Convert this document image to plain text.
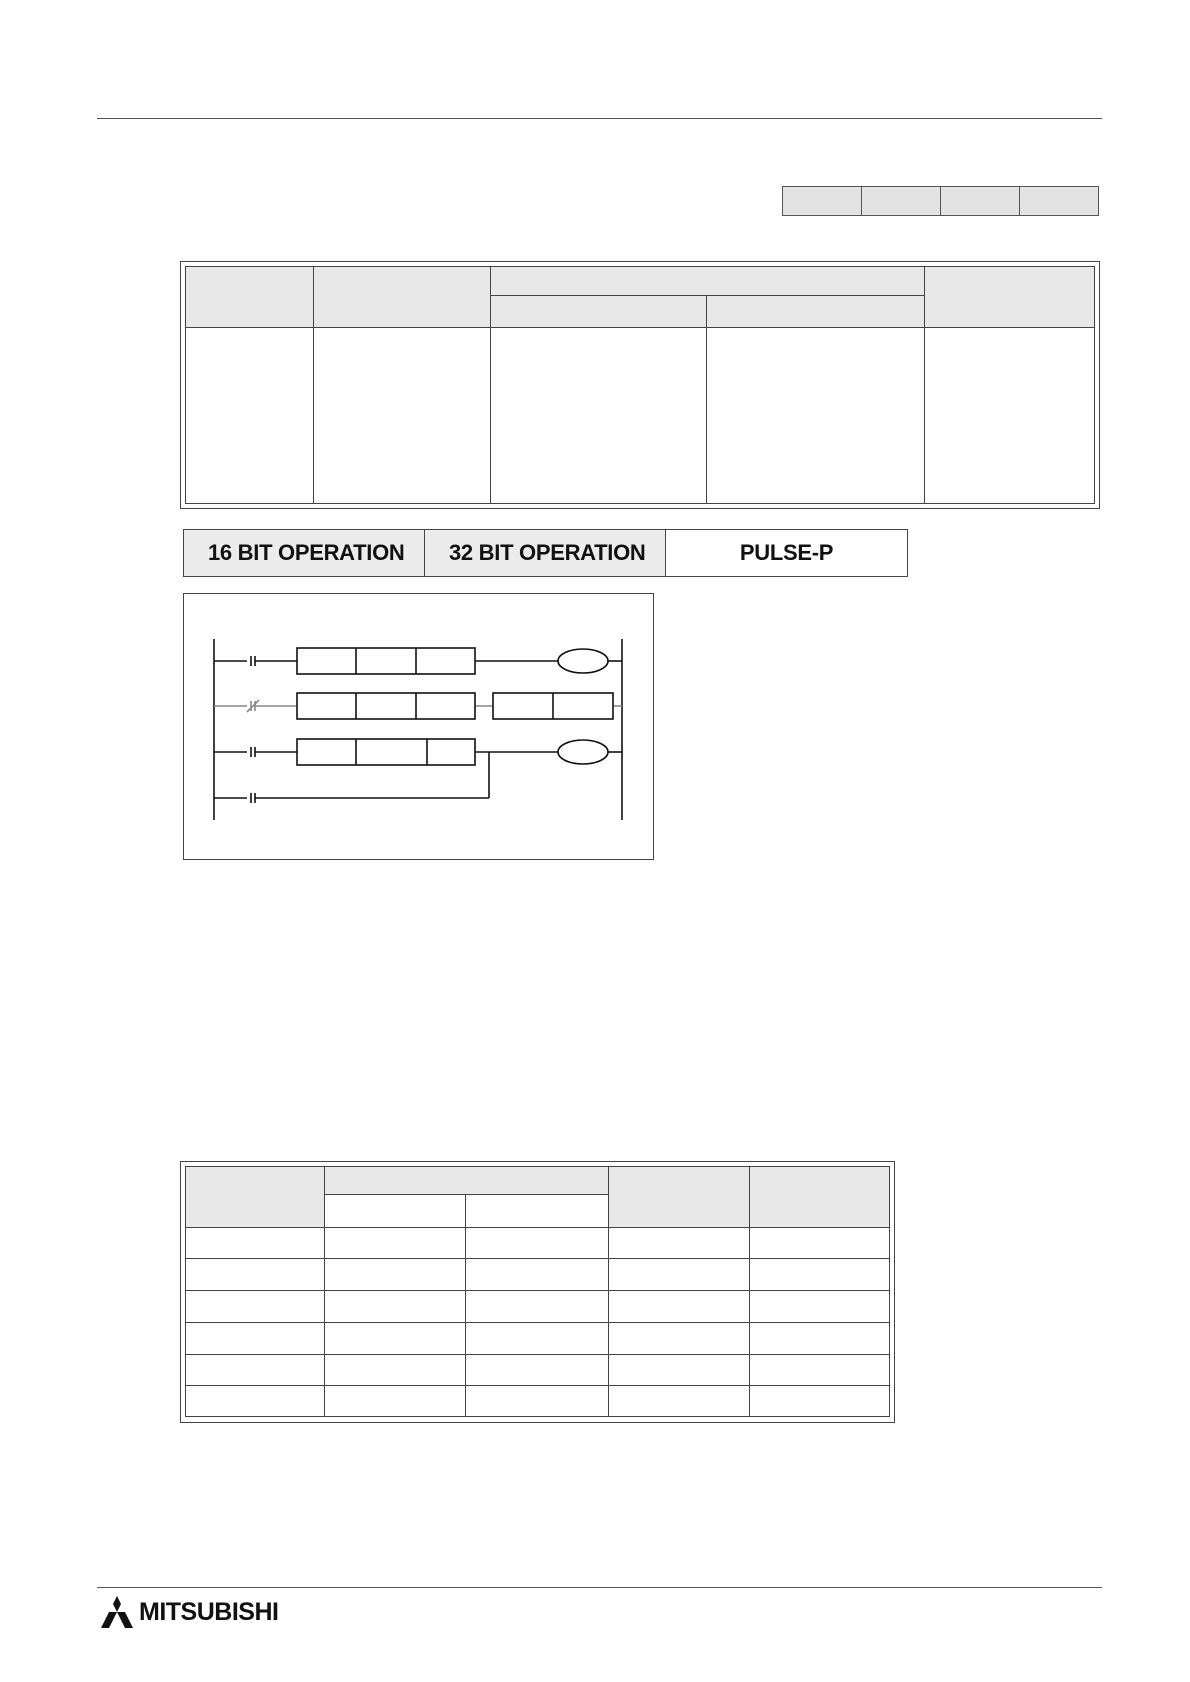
16 BIT OPERATION	32 BIT OPERATION	PULSE-P

MITSUBISHI
